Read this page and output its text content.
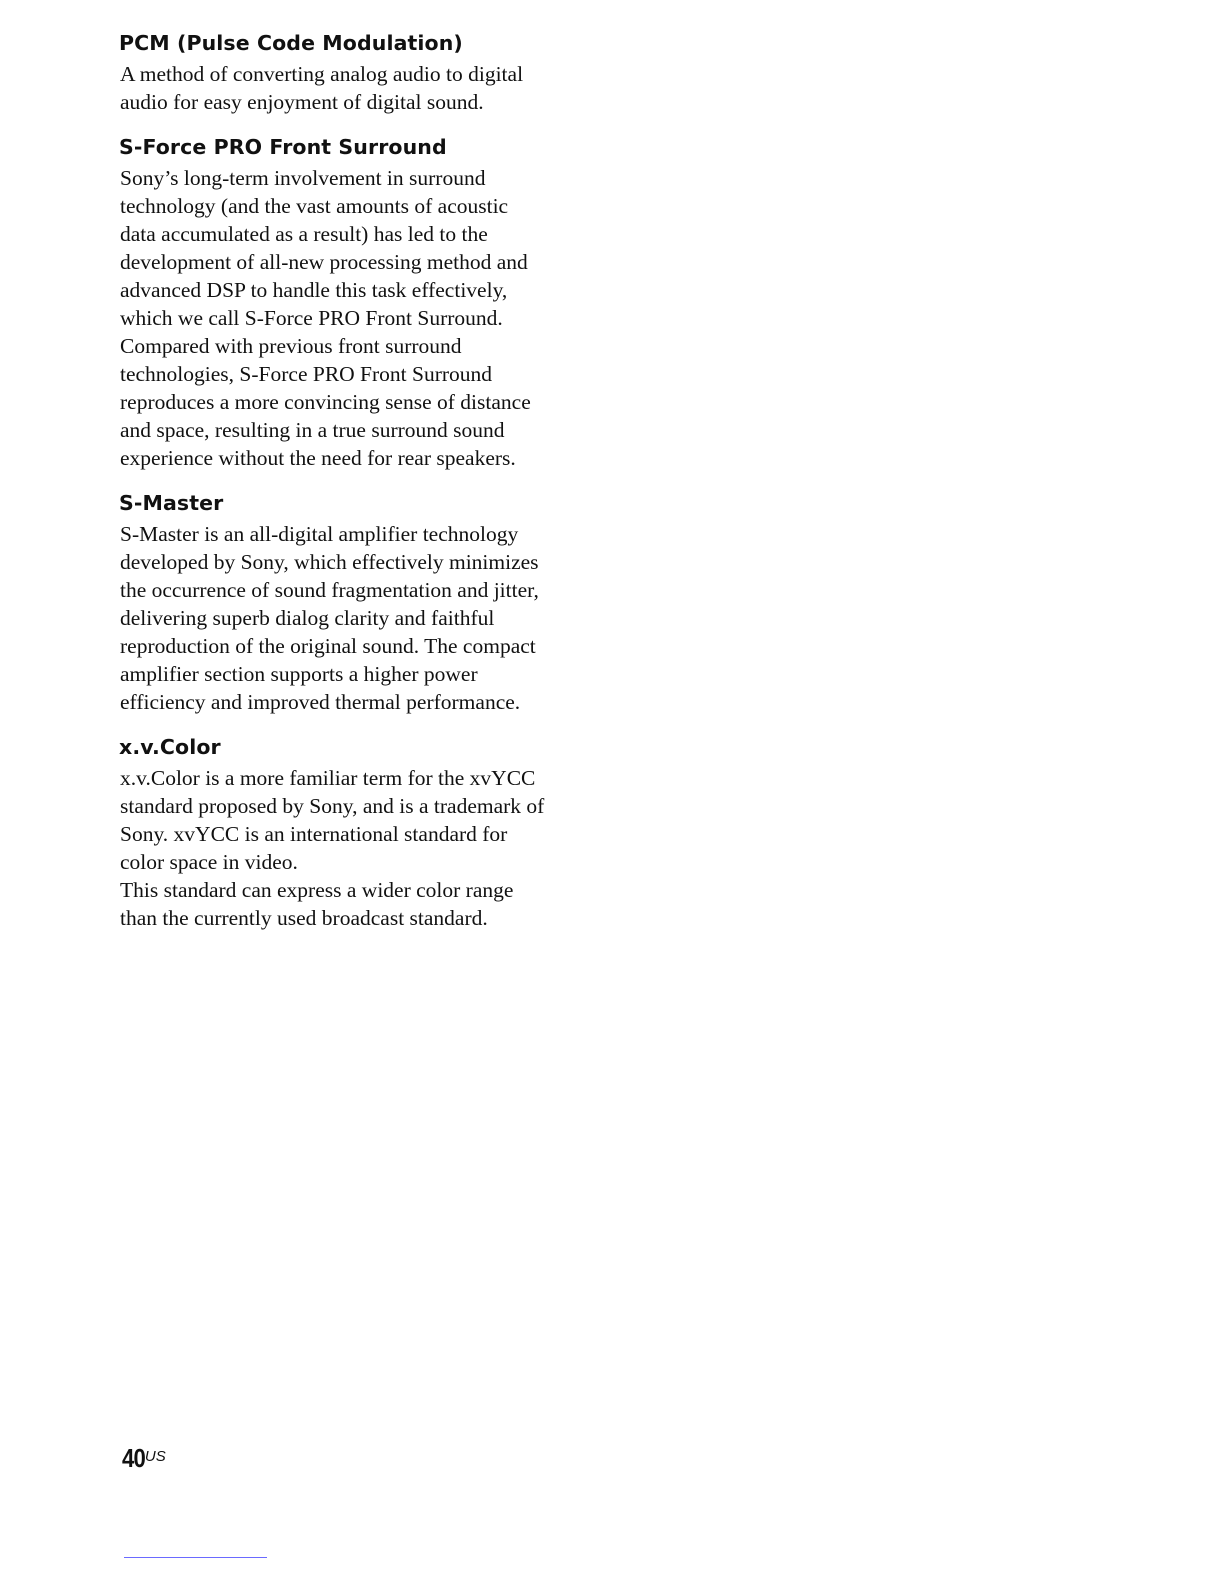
PCM (Pulse Code Modulation)

A method of converting analog audio to digital
audio for easy enjoyment of digital sound.

S-Force PRO Front Surround

Sony’s long-term involvement in surround
technology (and the vast amounts of acoustic
data accumulated as a result) has led to the
development of all-new processing method and
advanced DSP to handle this task effectively,
which we call S-Force PRO Front Surround.
Compared with previous front surround
technologies, S-Force PRO Front Surround
reproduces a more convincing sense of distance
and space, resulting in a true surround sound
experience without the need for rear speakers.

S-Master

S-Master is an all-digital amplifier technology
developed by Sony, which effectively minimizes
the occurrence of sound fragmentation and jitter,
delivering superb dialog clarity and faithful
reproduction of the original sound. The compact
amplifier section supports a higher power
efficiency and improved thermal performance.

x.v.Color

x.v.Color is a more familiar term for the xvYCC
standard proposed by Sony, and is a trademark of
Sony. xvYCC is an international standard for
color space in video.
This standard can express a wider color range
than the currently used broadcast standard.

$40^{US}$
